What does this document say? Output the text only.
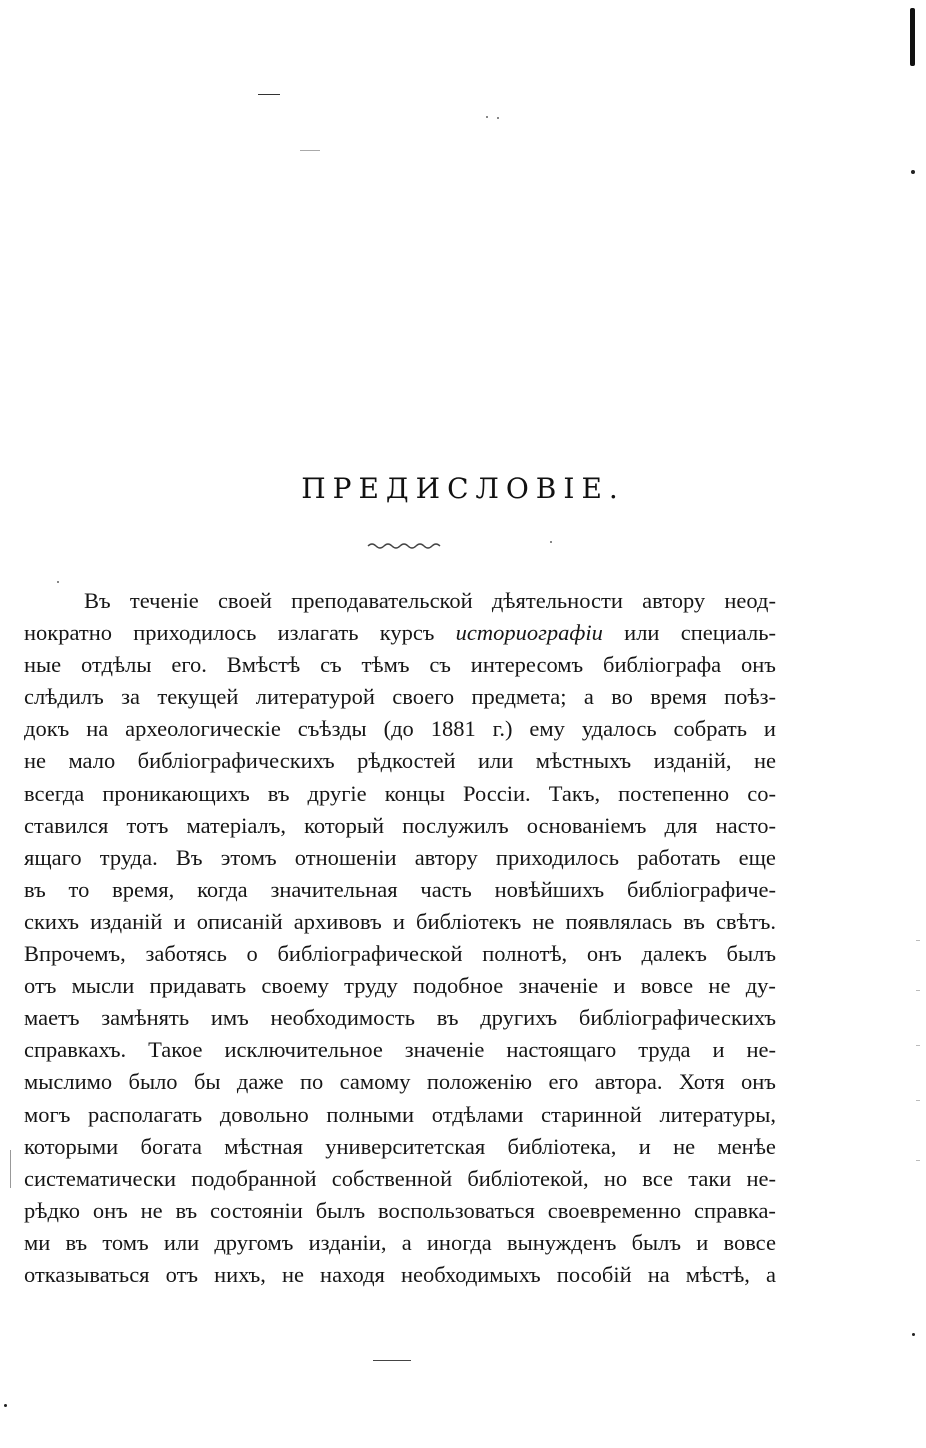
ПРЕДИСЛОВІЕ.
Въ теченіе своей преподавательской дѣятельности автору неод-
нократно приходилось излагать курсъ историографіи или специаль-
ные отдѣлы его. Вмѣстѣ съ тѣмъ съ интересомъ библіографа онъ
слѣдилъ за текущей литературой своего предмета; а во время поѣз-
докъ на археологическіе съѣзды (до 1881 г.) ему удалось собрать и
не мало библіографическихъ рѣдкостей или мѣстныхъ изданій, не
всегда проникающихъ въ другіе концы Россіи. Такъ, постепенно со-
ставился тотъ матеріалъ, который послужилъ основаніемъ для насто-
ящаго труда. Въ этомъ отношеніи автору приходилось работать еще
въ то время, когда значительная часть новѣйшихъ библіографиче-
скихъ изданій и описаній архивовъ и библіотекъ не появлялась въ свѣтъ.
Впрочемъ, заботясь о библіографической полнотѣ, онъ далекъ былъ
отъ мысли придавать своему труду подобное значеніе и вовсе не ду-
маетъ замѣнять имъ необходимость въ другихъ библіографическихъ
справкахъ. Такое исключительное значеніе настоящаго труда и не-
мыслимо было бы даже по самому положенію его автора. Хотя онъ
могъ располагать довольно полными отдѣлами старинной литературы,
которыми богата мѣстная университетская библіотека, и не менѣе
систематически подобранной собственной библіотекой, но все таки не-
рѣдко онъ не въ состояніи былъ воспользоваться своевременно справка-
ми въ томъ или другомъ изданіи, а иногда вынужденъ былъ и вовсе
отказываться отъ нихъ, не находя необходимыхъ пособій на мѣстѣ, а
